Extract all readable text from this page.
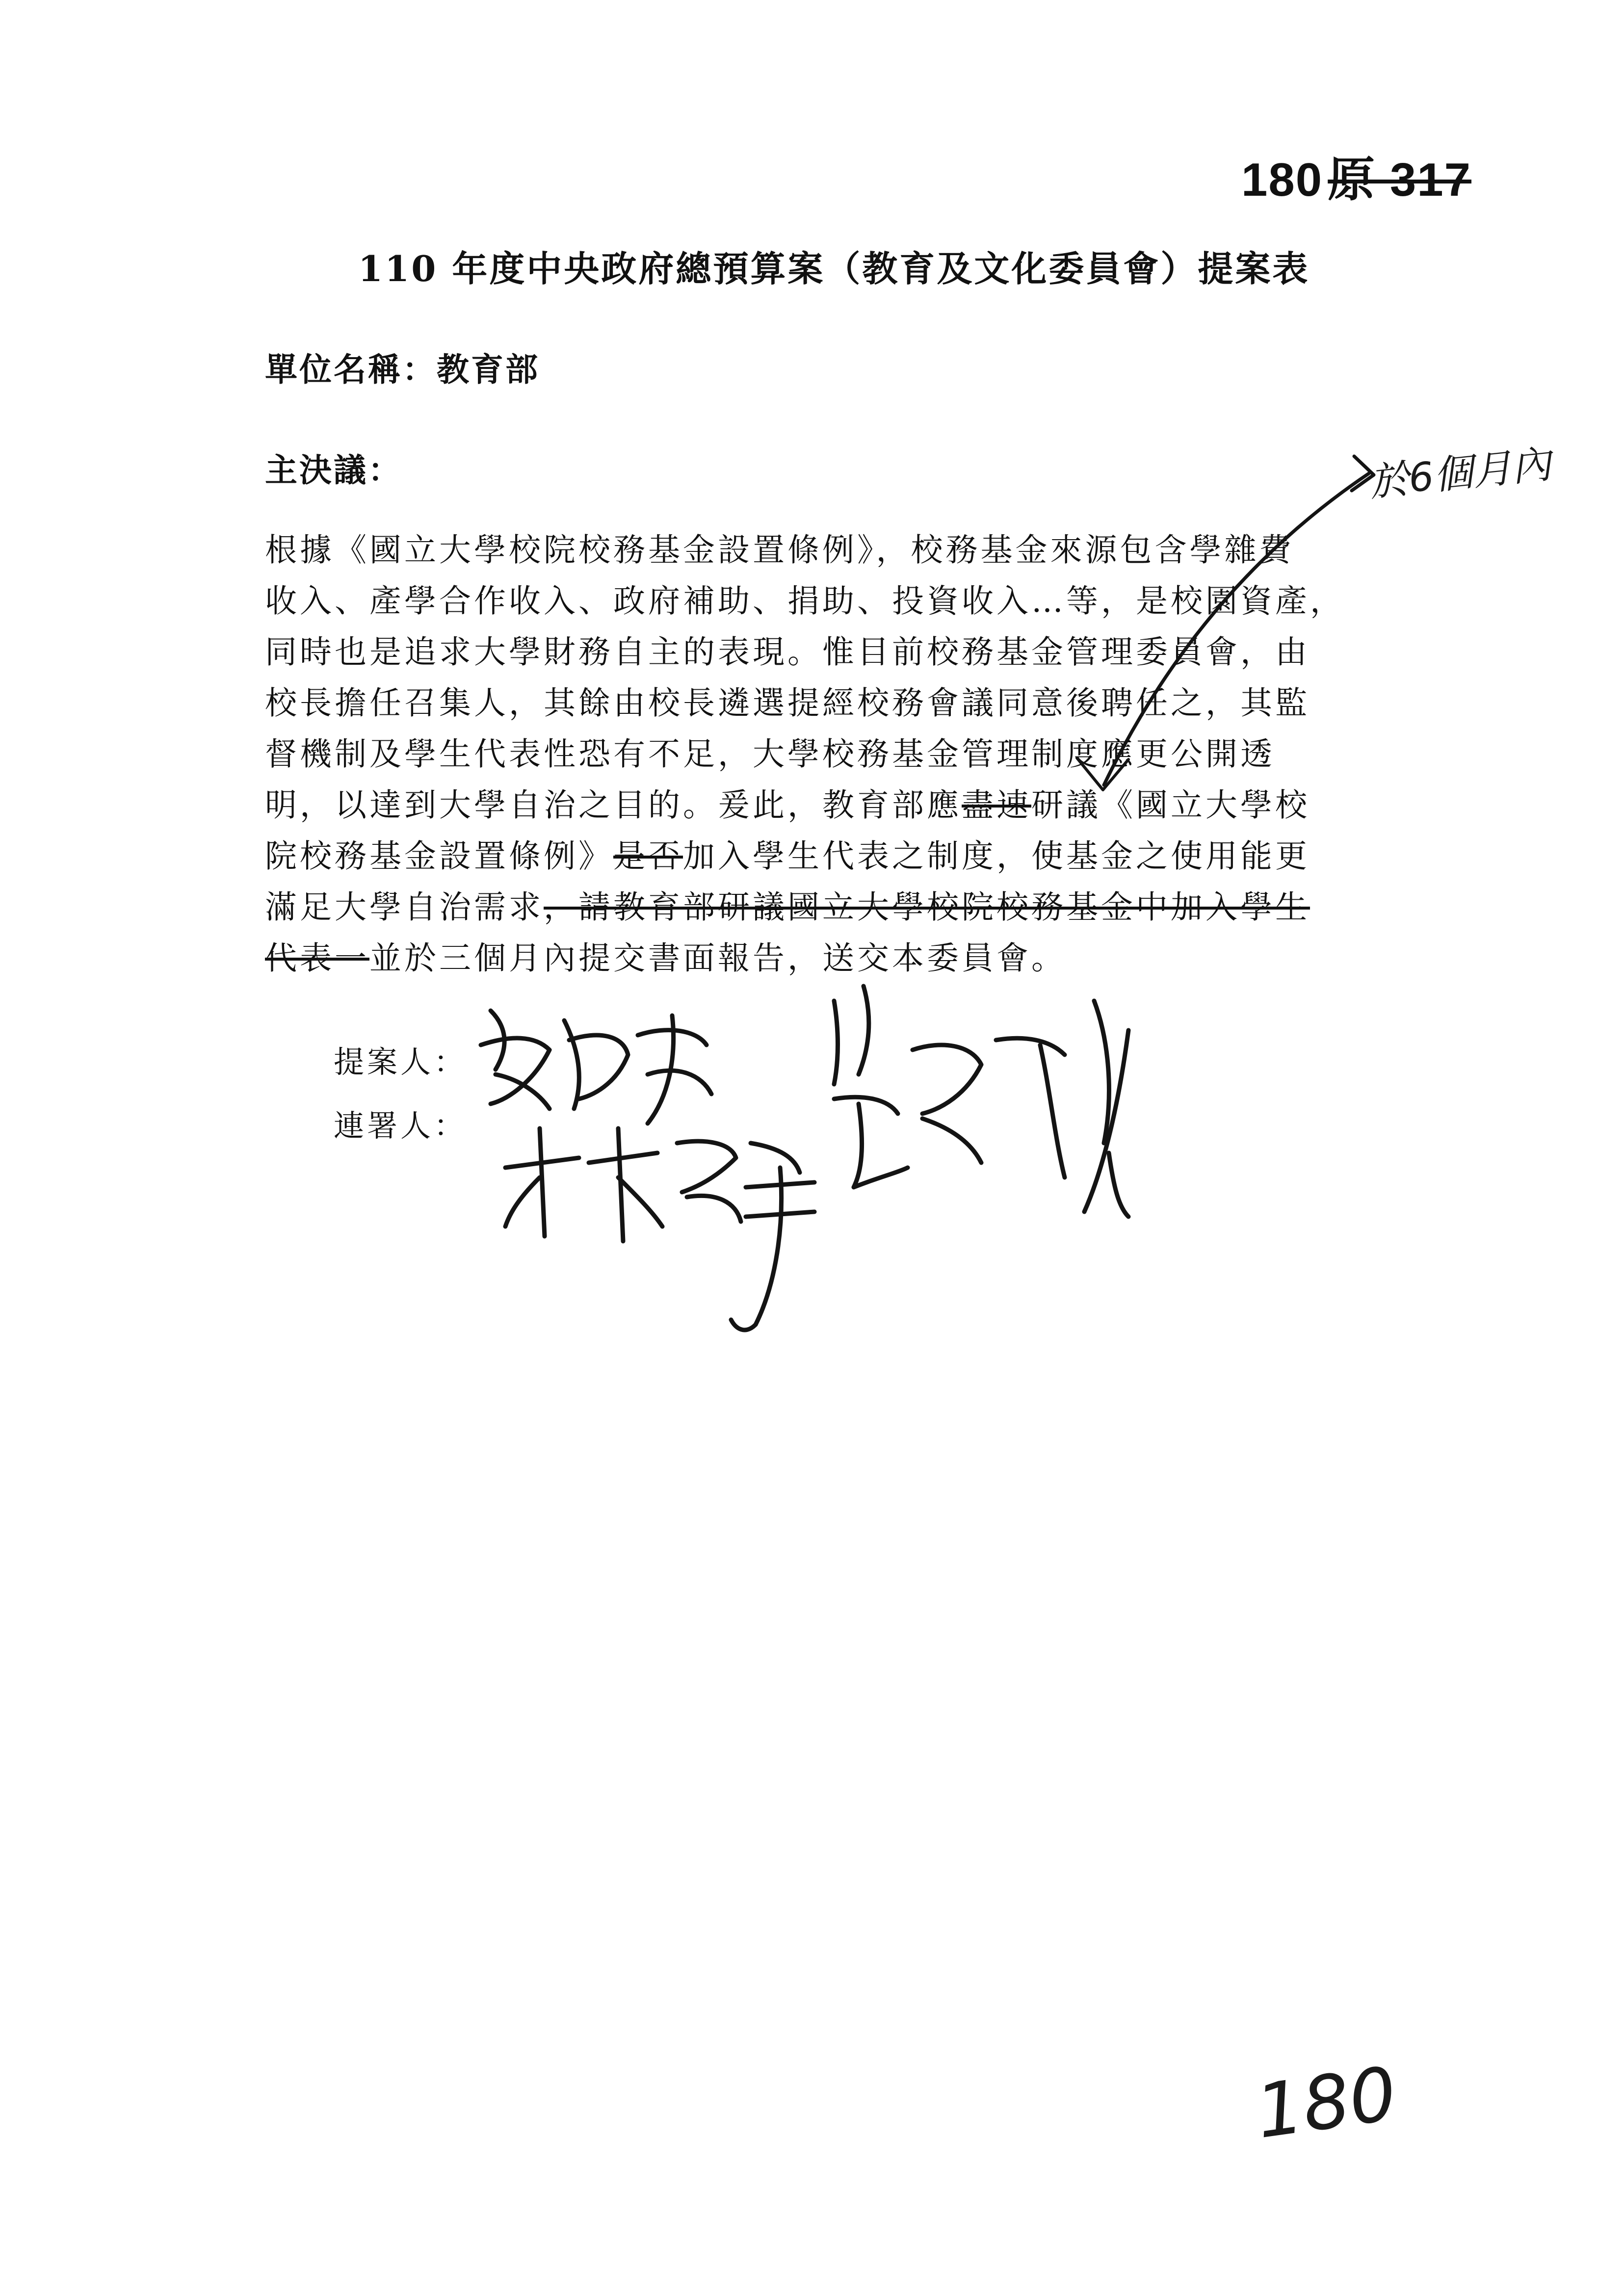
180 原 317
110 年度中央政府總預算案（教育及文化委員會）提案表
單位名稱：教育部
主決議：	於6個月內
根據《國立大學校院校務基金設置條例》，校務基金來源包含學雜費
收入、產學合作收入、政府補助、捐助、投資收入…等，是校園資產，
同時也是追求大學財務自主的表現。惟目前校務基金管理委員會，由
校長擔任召集人，其餘由校長遴選提經校務會議同意後聘任之，其監
督機制及學生代表性恐有不足，大學校務基金管理制度應更公開透
明，以達到大學自治之目的。爰此，教育部應盡速研議《國立大學校
院校務基金設置條例》是否加入學生代表之制度，使基金之使用能更
滿足大學自治需求，請教育部研議國立大學校院校務基金中加入學生
代表一並於三個月內提交書面報告，送交本委員會。
提案人：
連署人：
180
